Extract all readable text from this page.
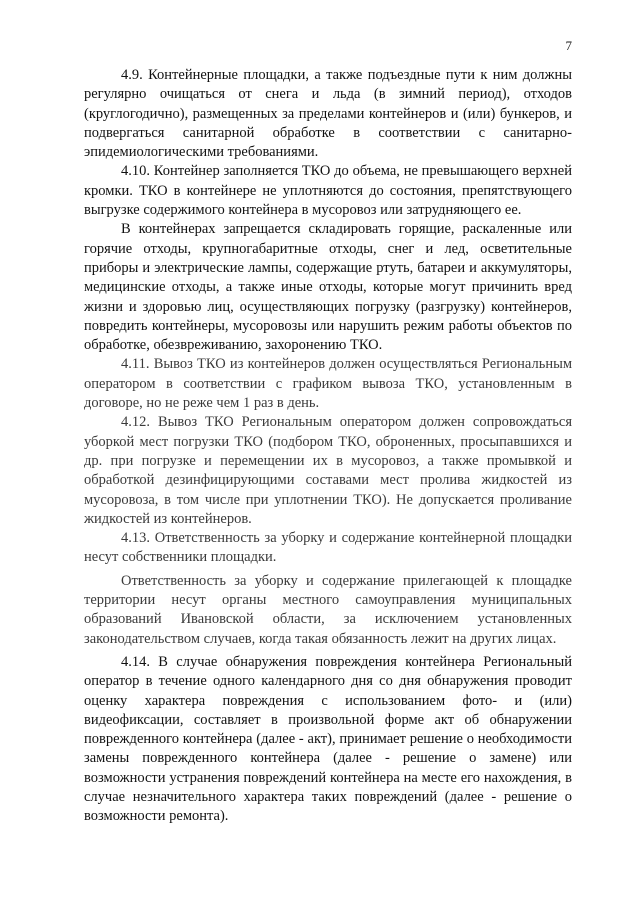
7

4.9. Контейнерные площадки, а также подъездные пути к ним должны регулярно очищаться от снега и льда (в зимний период), отходов (круглогодично), размещенных за пределами контейнеров и (или) бункеров, и подвергаться санитарной обработке в соответствии с санитарно-эпидемиологическими требованиями.

4.10. Контейнер заполняется ТКО до объема, не превышающего верхней кромки. ТКО в контейнере не уплотняются до состояния, препятствующего выгрузке содержимого контейнера в мусоровоз или затрудняющего ее.

В контейнерах запрещается складировать горящие, раскаленные или горячие отходы, крупногабаритные отходы, снег и лед, осветительные приборы и электрические лампы, содержащие ртуть, батареи и аккумуляторы, медицинские отходы, а также иные отходы, которые могут причинить вред жизни и здоровью лиц, осуществляющих погрузку (разгрузку) контейнеров, повредить контейнеры, мусоровозы или нарушить режим работы объектов по обработке, обезвреживанию, захоронению ТКО.

4.11. Вывоз ТКО из контейнеров должен осуществляться Региональным оператором в соответствии с графиком вывоза ТКО, установленным в договоре, но не реже чем 1 раз в день.

4.12. Вывоз ТКО Региональным оператором должен сопровождаться уборкой мест погрузки ТКО (подбором ТКО, оброненных, просыпавшихся и др. при погрузке и перемещении их в мусоровоз, а также промывкой и обработкой дезинфицирующими составами мест пролива жидкостей из мусоровоза, в том числе при уплотнении ТКО). Не допускается проливание жидкостей из контейнеров.

4.13. Ответственность за уборку и содержание контейнерной площадки несут собственники площадки.

Ответственность за уборку и содержание прилегающей к площадке территории несут органы местного самоуправления муниципальных образований Ивановской области, за исключением установленных законодательством случаев, когда такая обязанность лежит на других лицах.

4.14. В случае обнаружения повреждения контейнера Региональный оператор в течение одного календарного дня со дня обнаружения проводит оценку характера повреждения с использованием фото- и (или) видеофиксации, составляет в произвольной форме акт об обнаружении поврежденного контейнера (далее - акт), принимает решение о необходимости замены поврежденного контейнера (далее - решение о замене) или возможности устранения повреждений контейнера на месте его нахождения, в случае незначительного характера таких повреждений (далее - решение о возможности ремонта).
